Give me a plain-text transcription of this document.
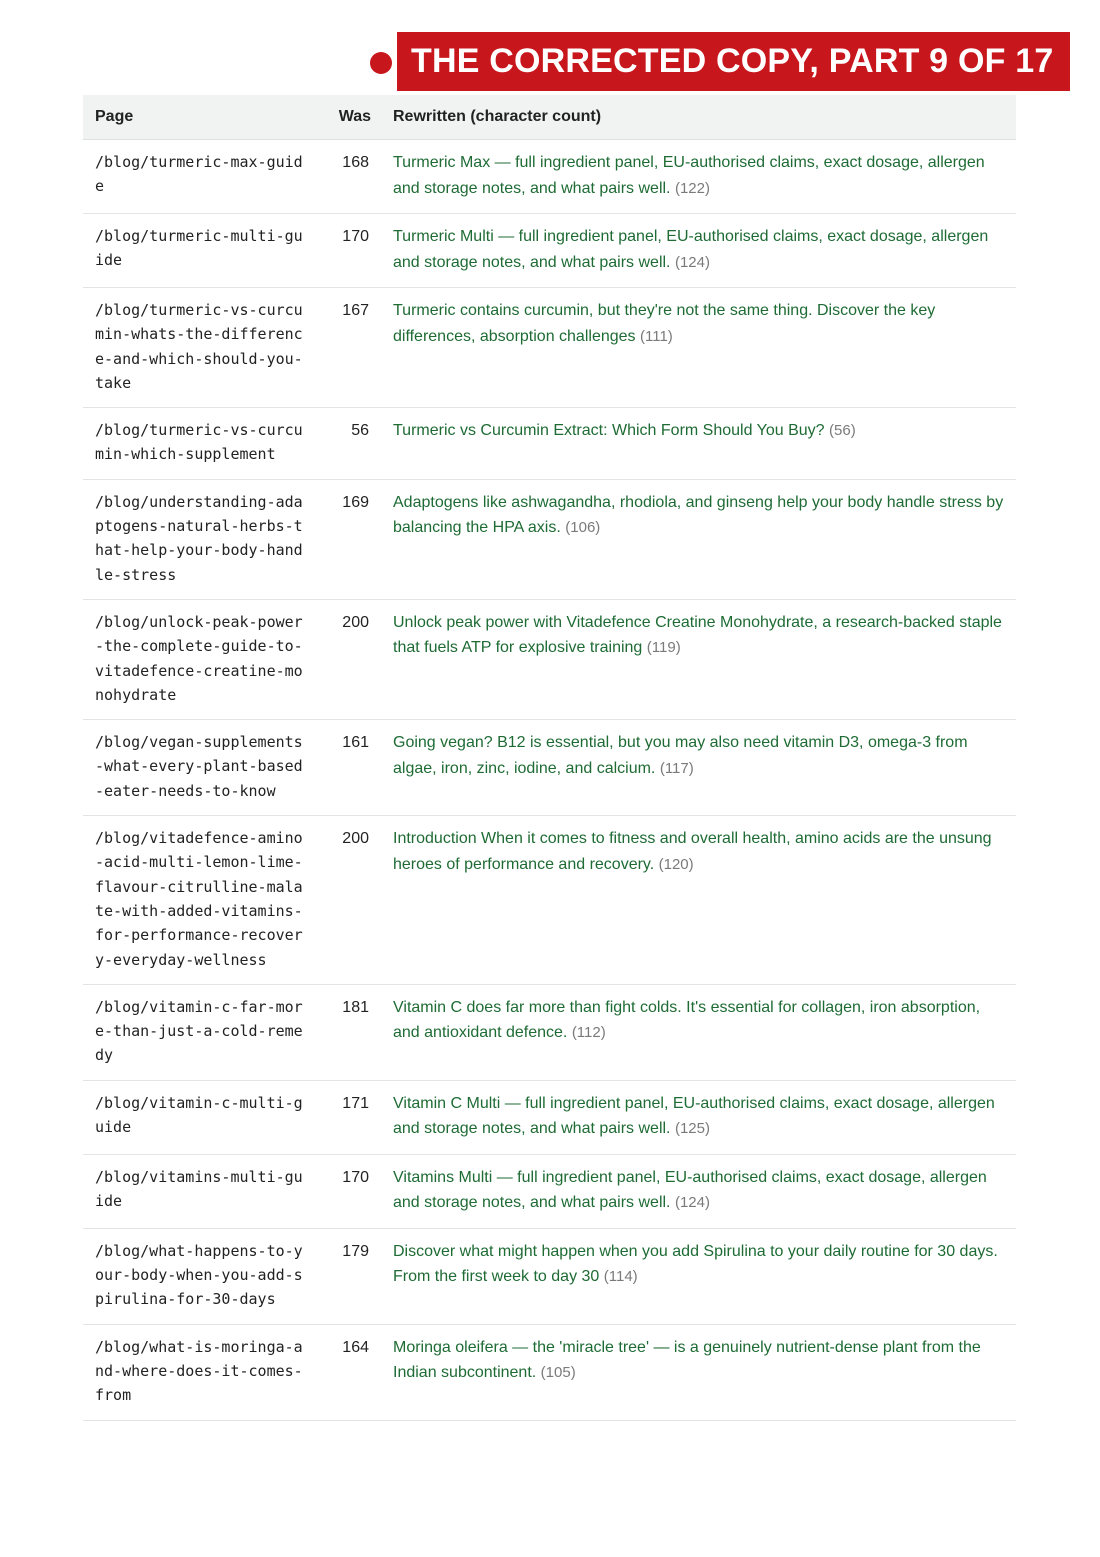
THE CORRECTED COPY, PART 9 OF 17
Page	Was	Rewritten (character count)
/blog/turmeric-max-guide	168	Turmeric Max — full ingredient panel, EU-authorised claims, exact dosage, allergen and storage notes, and what pairs well. (122)
/blog/turmeric-multi-guide	170	Turmeric Multi — full ingredient panel, EU-authorised claims, exact dosage, allergen and storage notes, and what pairs well. (124)
/blog/turmeric-vs-curcumin-whats-the-difference-and-which-should-you-take	167	Turmeric contains curcumin, but they're not the same thing. Discover the key differences, absorption challenges (111)
/blog/turmeric-vs-curcumin-which-supplement	56	Turmeric vs Curcumin Extract: Which Form Should You Buy? (56)
/blog/understanding-adaptogens-natural-herbs-that-help-your-body-handle-stress	169	Adaptogens like ashwagandha, rhodiola, and ginseng help your body handle stress by balancing the HPA axis. (106)
/blog/unlock-peak-power-the-complete-guide-to-vitadefence-creatine-monohydrate	200	Unlock peak power with Vitadefence Creatine Monohydrate, a research-backed staple that fuels ATP for explosive training (119)
/blog/vegan-supplements-what-every-plant-based-eater-needs-to-know	161	Going vegan? B12 is essential, but you may also need vitamin D3, omega-3 from algae, iron, zinc, iodine, and calcium. (117)
/blog/vitadefence-amino-acid-multi-lemon-lime-flavour-citrulline-malate-with-added-vitamins-for-performance-recovery-everyday-wellness	200	Introduction When it comes to fitness and overall health, amino acids are the unsung heroes of performance and recovery. (120)
/blog/vitamin-c-far-more-than-just-a-cold-remedy	181	Vitamin C does far more than fight colds. It's essential for collagen, iron absorption, and antioxidant defence. (112)
/blog/vitamin-c-multi-guide	171	Vitamin C Multi — full ingredient panel, EU-authorised claims, exact dosage, allergen and storage notes, and what pairs well. (125)
/blog/vitamins-multi-guide	170	Vitamins Multi — full ingredient panel, EU-authorised claims, exact dosage, allergen and storage notes, and what pairs well. (124)
/blog/what-happens-to-your-body-when-you-add-spirulina-for-30-days	179	Discover what might happen when you add Spirulina to your daily routine for 30 days. From the first week to day 30 (114)
/blog/what-is-moringa-and-where-does-it-comes-from	164	Moringa oleifera — the 'miracle tree' — is a genuinely nutrient-dense plant from the Indian subcontinent. (105)
